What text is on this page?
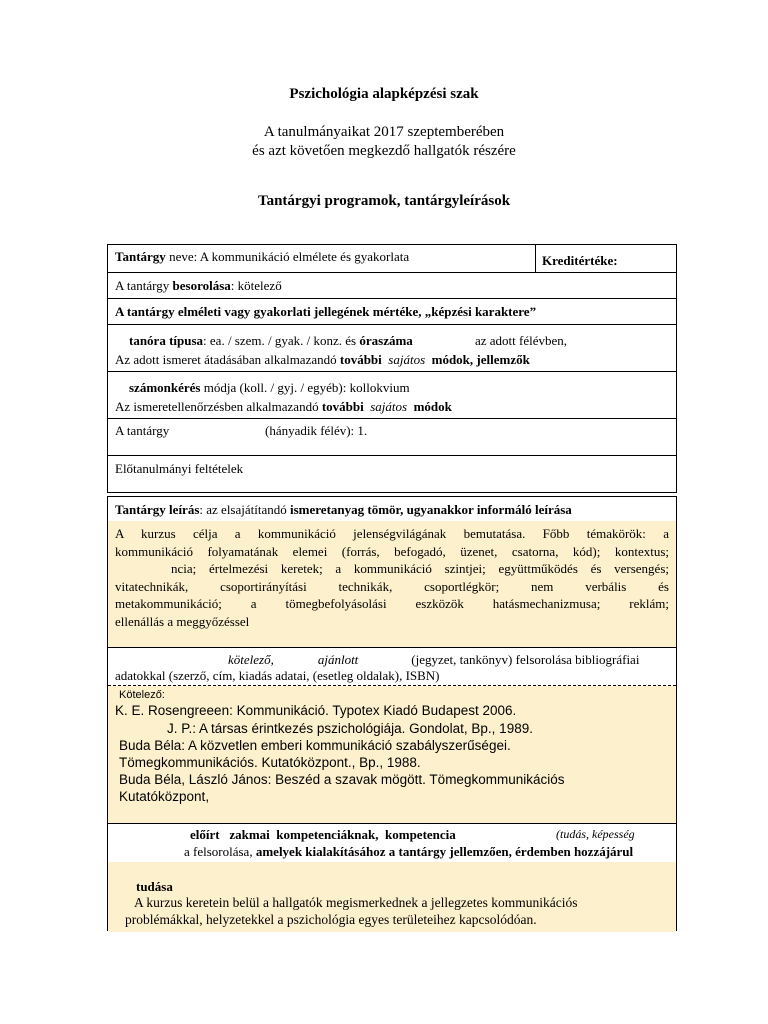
Pszichológia alapképzési szak
A tanulmányaikat 2017 szeptemberében
és azt követően megkezdő hallgatók részére
Tantárgyi programok, tantárgyleírások
Tantárgy neve: A kommunikáció elmélete és gyakorlata	Kreditértéke:
A tantárgy besorolása: kötelező
A tantárgy elméleti vagy gyakorlati jellegének mértéke, „képzési karaktere”
tanóra típusa: ea. / szem. / gyak. / konz. és óraszáma	az adott félévben,
Az adott ismeret átadásában alkalmazandó további sajátos módok, jellemzők
számonkérés módja (koll. / gyj. / egyéb): kollokvium
Az ismeretellenőrzésben alkalmazandó további sajátos módok
A tantárgy	(hányadik félév): 1.
Előtanulmányi feltételek
Tantárgy leírás: az elsajátítandó ismeretanyag tömör, ugyanakkor informáló leírása
A kurzus célja a kommunikáció jelenségvilágának bemutatása. Főbb témakörök: a
kommunikáció folyamatának elemei (forrás, befogadó, üzenet, csatorna, kód); kontextus;
ncia; értelmezési keretek; a kommunikáció szintjei; együttműködés és versengés;
vitatechnikák, csoportirányítási technikák, csoportlégkör; nem verbális és
metakommunikáció; a tömegbefolyásolási eszközök hatásmechanizmusa; reklám;
ellenállás a meggyőzéssel
kötelező,	ajánlott	(jegyzet, tankönyv) felsorolása bibliográfiai
adatokkal (szerző, cím, kiadás adatai, (esetleg oldalak), ISBN)
Kötelező:
K. E. Rosengreeen: Kommunikáció. Typotex Kiadó Budapest 2006.
J. P.: A társas érintkezés pszichológiája. Gondolat, Bp., 1989.
Buda Béla: A közvetlen emberi kommunikáció szabályszerűségei.
Tömegkommunikációs. Kutatóközpont., Bp., 1988.
Buda Béla, László János: Beszéd a szavak mögött. Tömegkommunikációs
Kutatóközpont,
előírt zakmai kompetenciáknak, kompetencia	(tudás, képesség
a felsorolása, amelyek kialakításához a tantárgy jellemzően, érdemben hozzájárul
tudása
A kurzus keretein belül a hallgatók megismerkednek a jellegzetes kommunikációs
problémákkal, helyzetekkel a pszichológia egyes területeihez kapcsolódóan.
